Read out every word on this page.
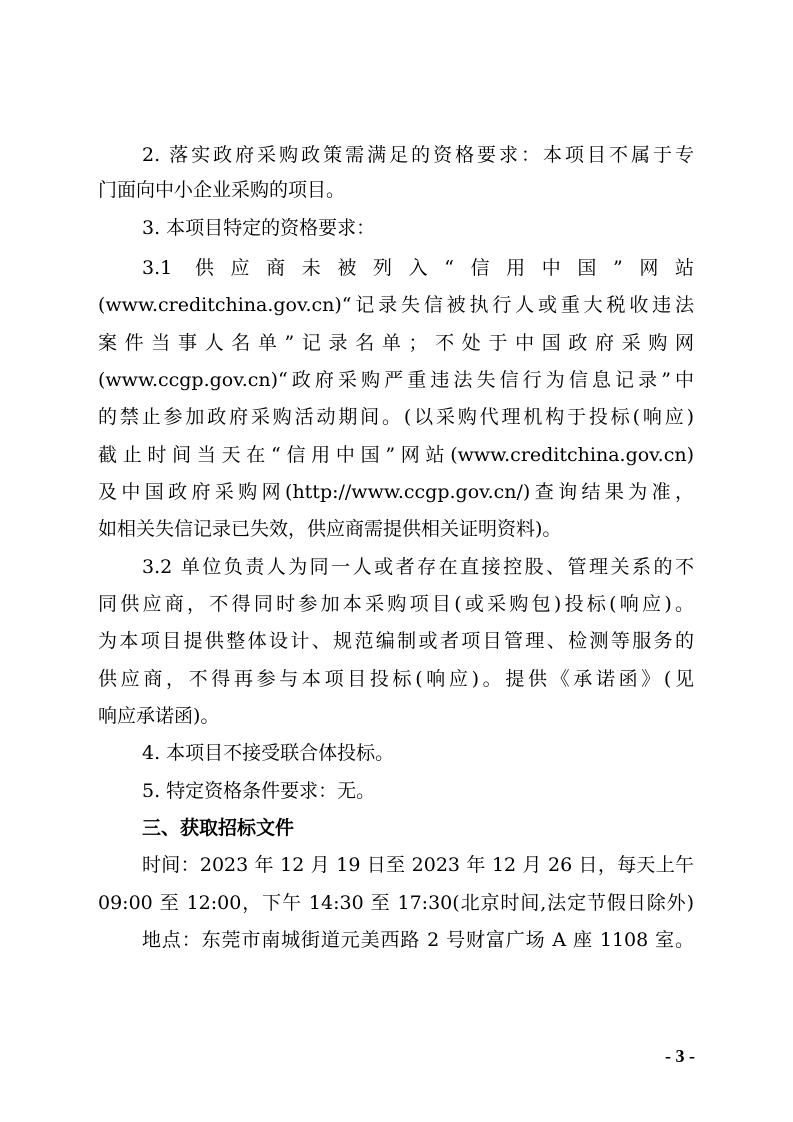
2. 落实政府采购政策需满足的资格要求：本项目不属于专
门面向中小企业采购的项目。
3. 本项目特定的资格要求：
3.1 供应商未被列入“信用中国”网站
(www.creditchina.gov.cn)“记录失信被执行人或重大税收违法
案件当事人名单”记录名单；不处于中国政府采购网
(www.ccgp.gov.cn)“政府采购严重违法失信行为信息记录”中
的禁止参加政府采购活动期间。(以采购代理机构于投标(响应)
截止时间当天在“信用中国”网站(www.creditchina.gov.cn)
及中国政府采购网(http://www.ccgp.gov.cn/)查询结果为准，
如相关失信记录已失效，供应商需提供相关证明资料)。
3.2 单位负责人为同一人或者存在直接控股、管理关系的不
同供应商，不得同时参加本采购项目(或采购包)投标(响应)。
为本项目提供整体设计、规范编制或者项目管理、检测等服务的
供应商，不得再参与本项目投标(响应)。提供《承诺函》(见
响应承诺函)。
4. 本项目不接受联合体投标。
5. 特定资格条件要求：无。
三、获取招标文件
时间：2023 年 12 月 19 日至 2023 年 12 月 26 日，每天上午
09:00 至 12:00，下午 14:30 至 17:30(北京时间,法定节假日除外)
地点：东莞市南城街道元美西路 2 号财富广场 A 座 1108 室。
- 3 -
